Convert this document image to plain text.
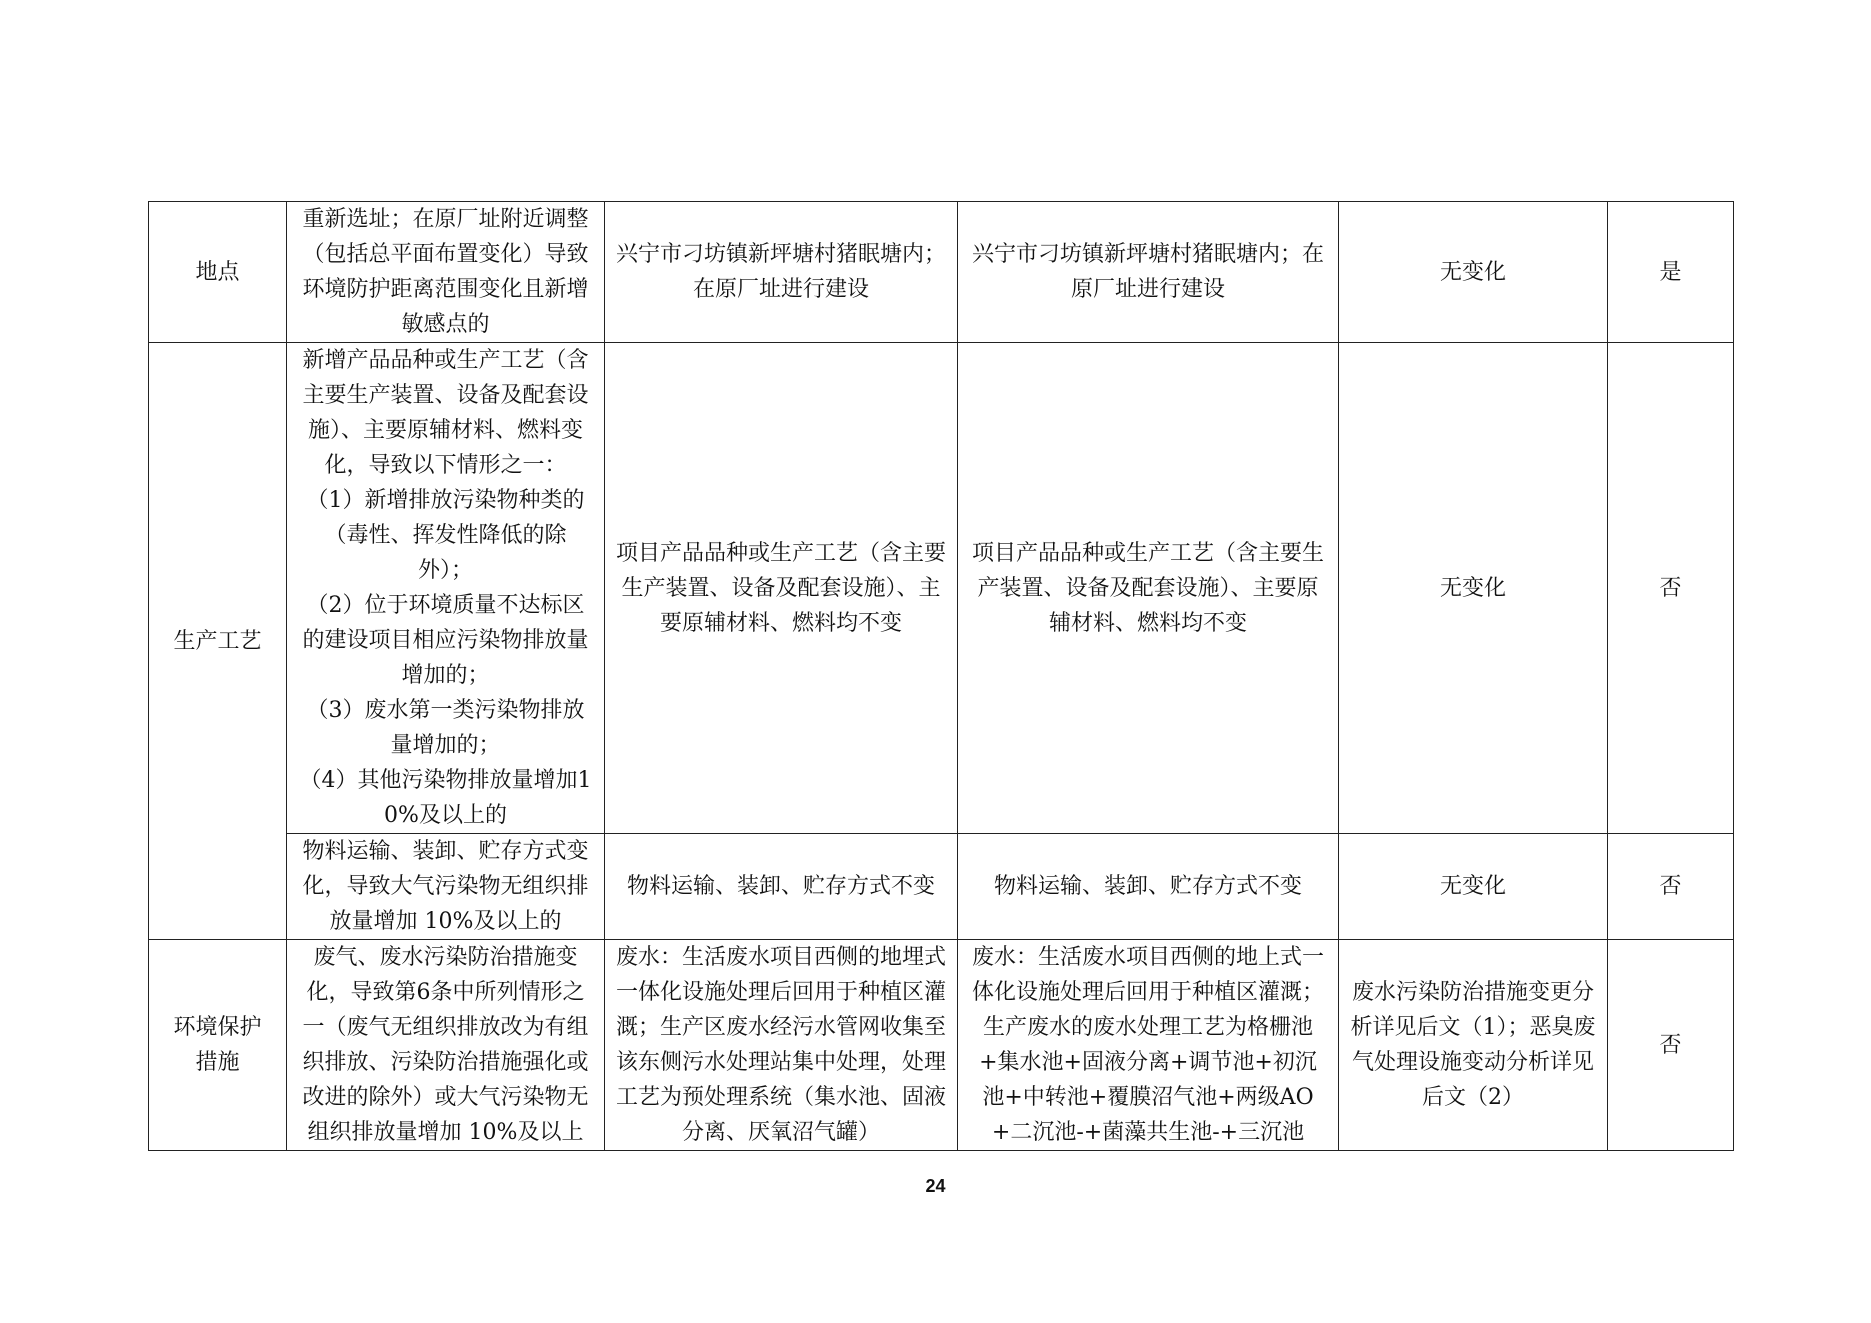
地点	重新选址；在原厂址附近调整（包括总平面布置变化）导致环境防护距离范围变化且新增敏感点的	兴宁市刁坊镇新坪塘村猪眠塘内；在原厂址进行建设	兴宁市刁坊镇新坪塘村猪眠塘内；在原厂址进行建设	无变化	是

生产工艺	新增产品品种或生产工艺（含主要生产装置、设备及配套设施）、主要原辅材料、燃料变化，导致以下情形之一：
（1）新增排放污染物种类的（毒性、挥发性降低的除外）；
（2）位于环境质量不达标区的建设项目相应污染物排放量增加的；
（3）废水第一类污染物排放量增加的；
（4）其他污染物排放量增加10%及以上的	项目产品品种或生产工艺（含主要生产装置、设备及配套设施）、主要原辅材料、燃料均不变	项目产品品种或生产工艺（含主要生产装置、设备及配套设施）、主要原辅材料、燃料均不变	无变化	否

	物料运输、装卸、贮存方式变化，导致大气污染物无组织排放量增加 10%及以上的	物料运输、装卸、贮存方式不变	物料运输、装卸、贮存方式不变	无变化	否

环境保护
措施	废气、废水污染防治措施变化，导致第6条中所列情形之一（废气无组织排放改为有组织排放、污染防治措施强化或改进的除外）或大气污染物无组织排放量增加 10%及以上	废水：生活废水项目西侧的地埋式一体化设施处理后回用于种植区灌溉；生产区废水经污水管网收集至该东侧污水处理站集中处理，处理工艺为预处理系统（集水池、固液分离、厌氧沼气罐）	废水：生活废水项目西侧的地上式一体化设施处理后回用于种植区灌溉；生产废水的废水处理工艺为格栅池+集水池+固液分离+调节池+初沉池+中转池+覆膜沼气池+两级AO+二沉池-+菌藻共生池-+三沉池	废水污染防治措施变更分析详见后文（1）；恶臭废气处理设施变动分析详见后文（2）	否
24
